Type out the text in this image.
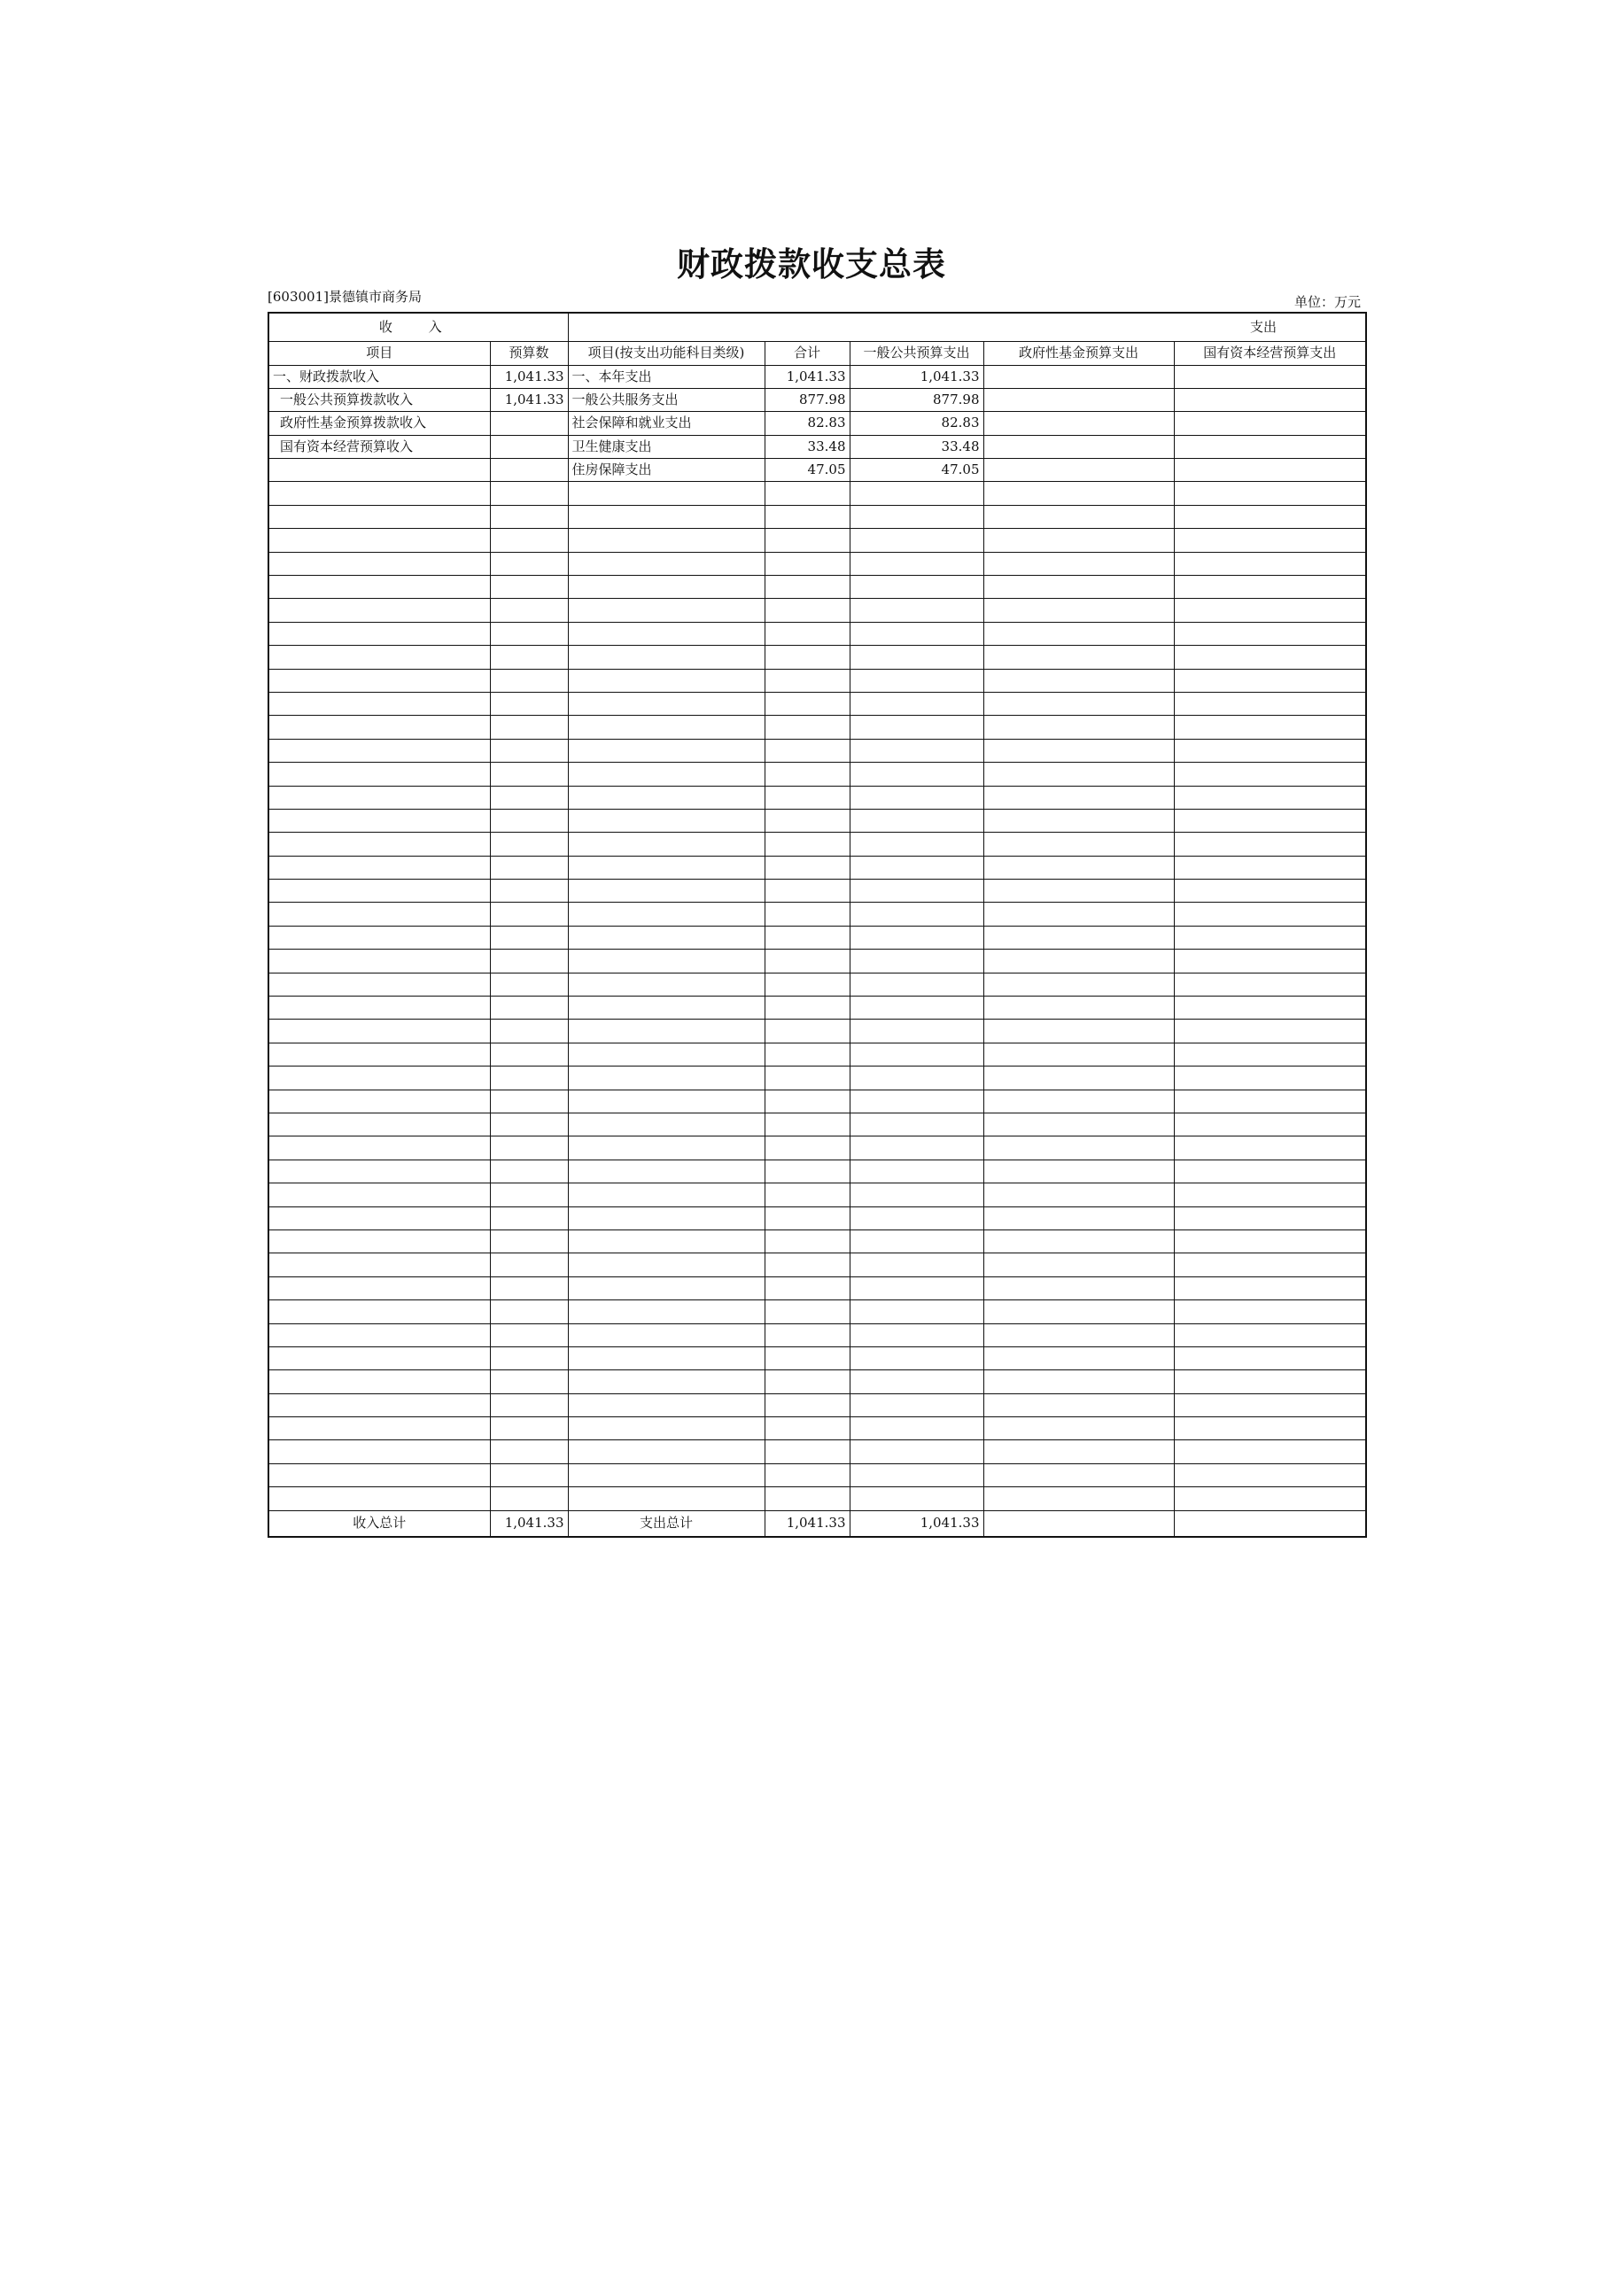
财政拨款收支总表
[603001]景德镇市商务局	单位：万元
收 入		支出				
项目	预算数	项目(按支出功能科目类级)	合计	一般公共预算支出	政府性基金预算支出	国有资本经营预算支出
一、财政拨款收入	1,041.33	一、本年支出	1,041.33	1,041.33		
一般公共预算拨款收入	1,041.33	一般公共服务支出	877.98	877.98		
政府性基金预算拨款收入		社会保障和就业支出	82.83	82.83		
国有资本经营预算收入		卫生健康支出	33.48	33.48		
		住房保障支出	47.05	47.05		

收入总计	1,041.33	支出总计	1,041.33	1,041.33		
